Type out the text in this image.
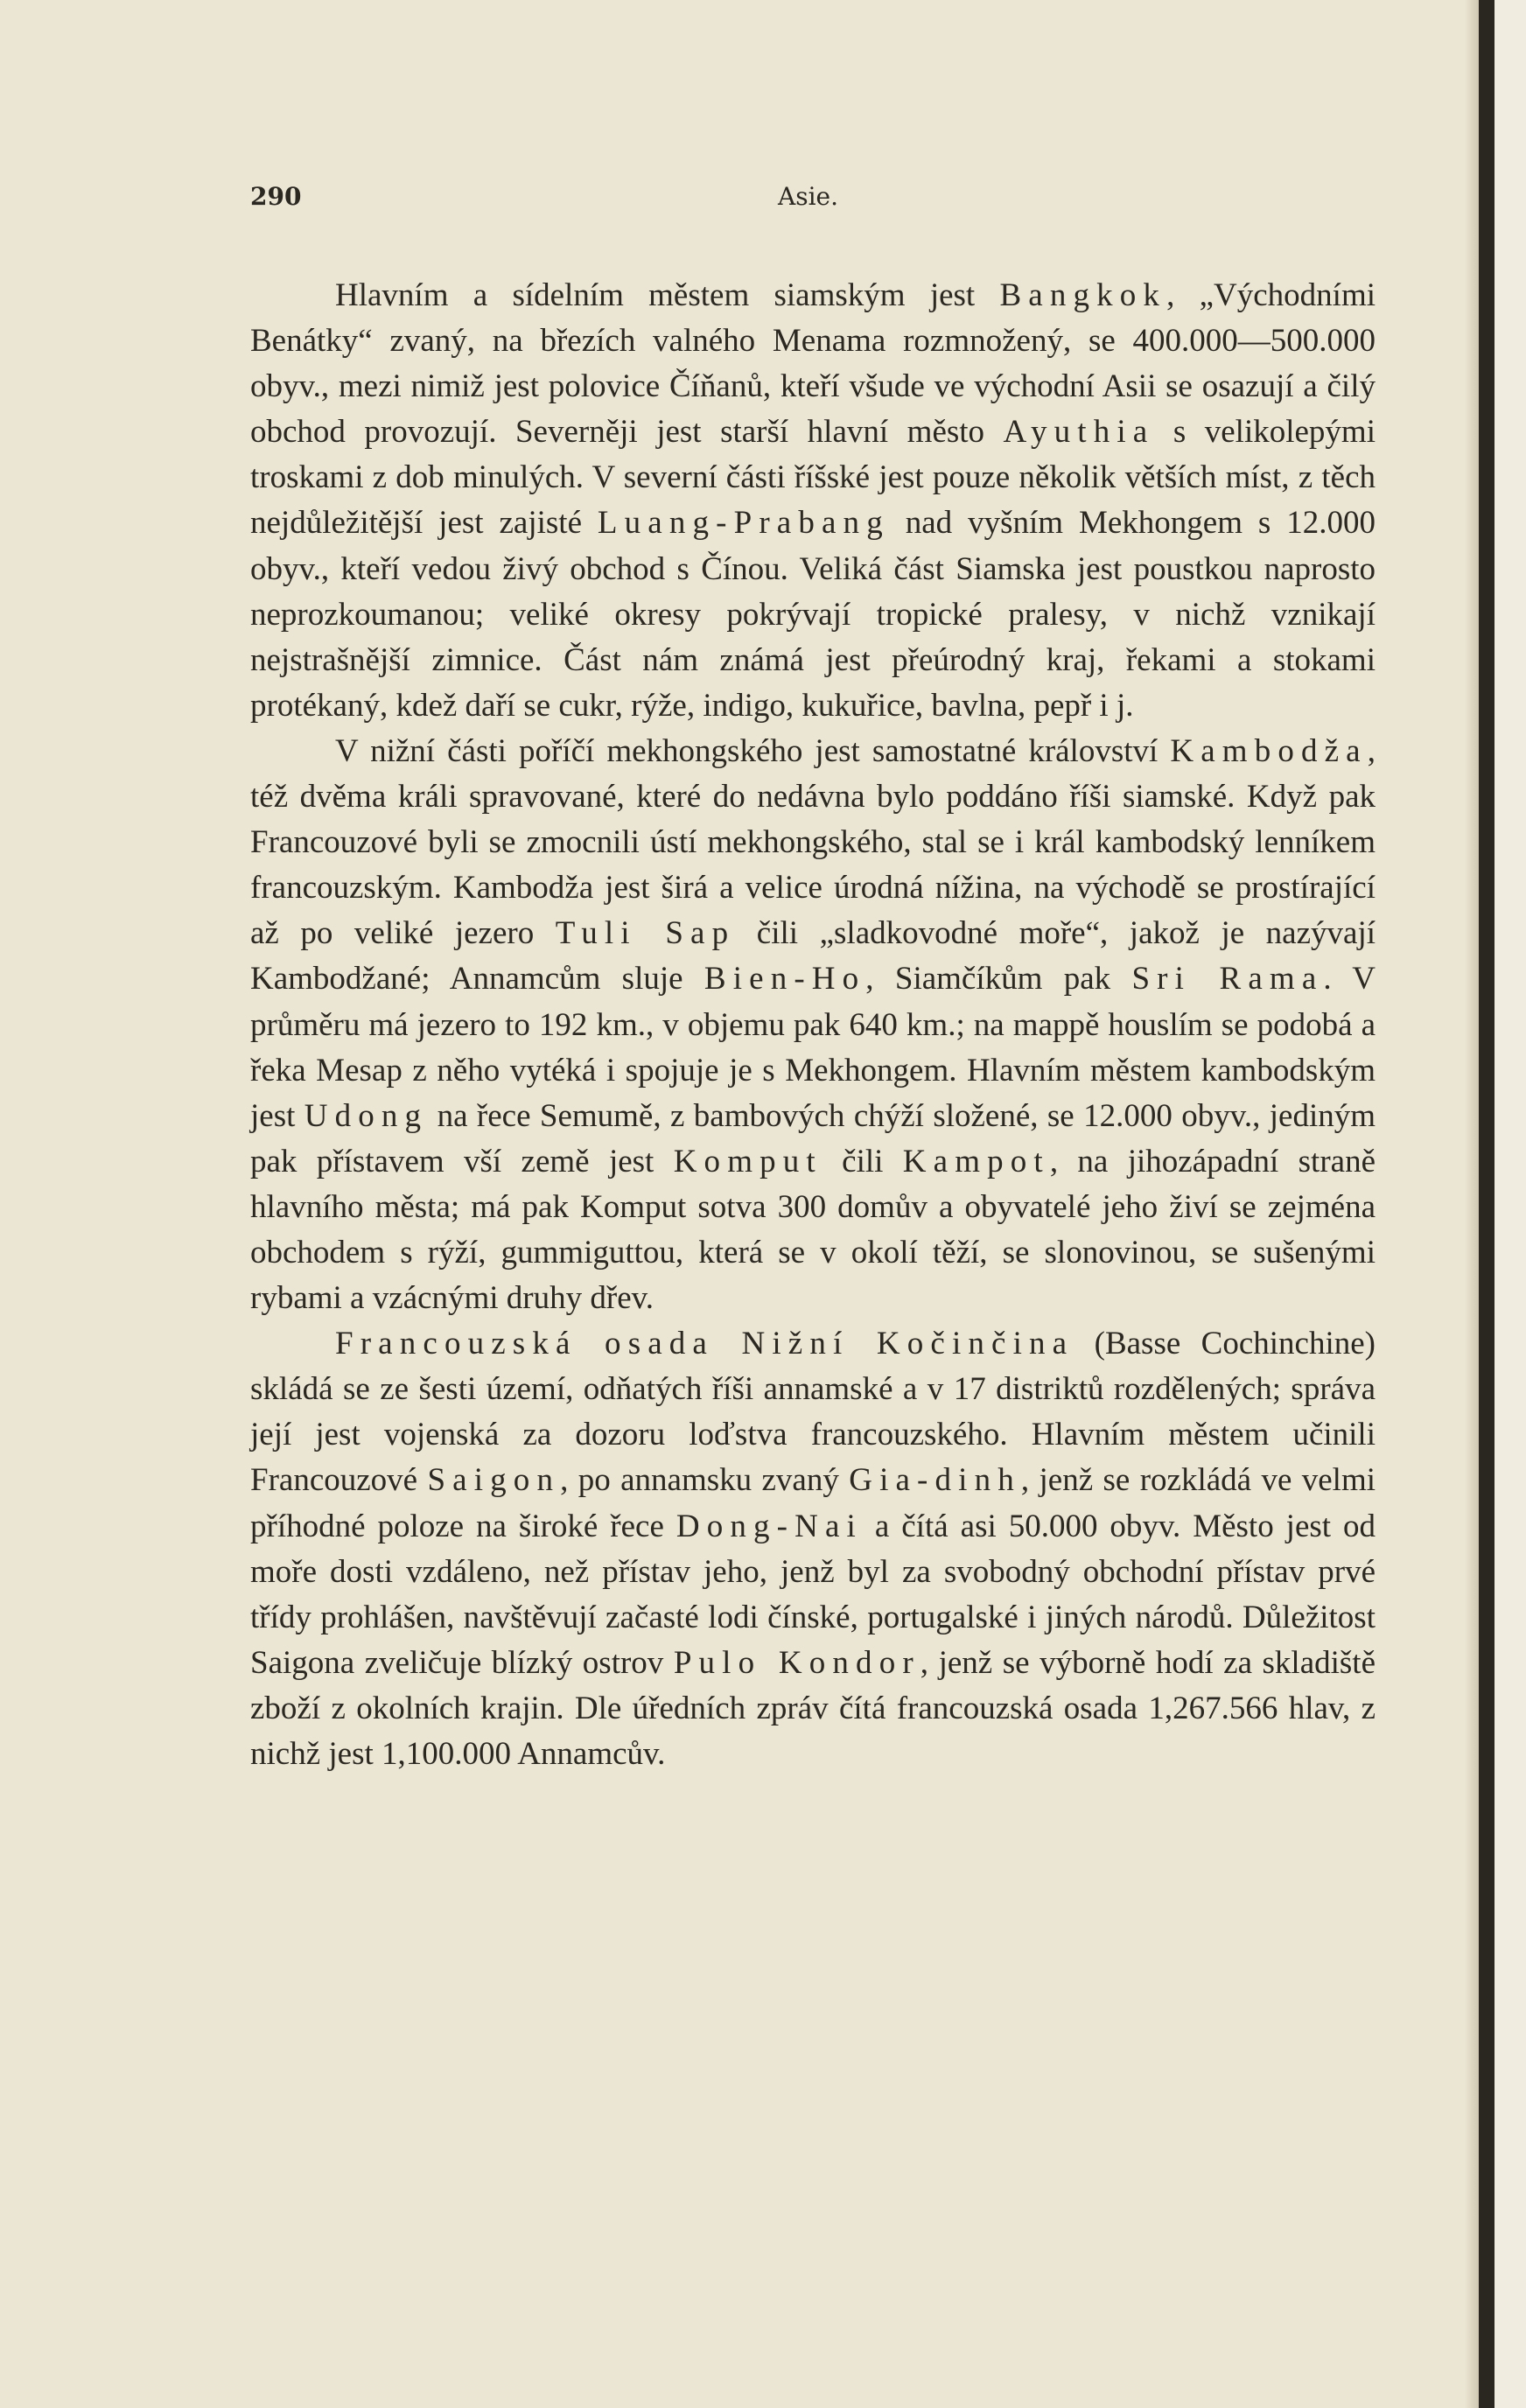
290	Asie.

Hlavním a sídelním městem siamským jest Bangkok, „Východními Benátky“ zvaný, na březích valného Menama rozmnožený, se 400.000—500.000 obyv., mezi nimiž jest polovice Číňanů, kteří všude ve východní Asii se osazují a čilý obchod provozují. Severněji jest starší hlavní město Ayuthia s velikolepými troskami z dob minulých. V severní části říšské jest pouze několik větších míst, z těch nejdůležitější jest zajisté Luang-Prabang nad vyšním Mekhongem s 12.000 obyv., kteří vedou živý obchod s Čínou. Veliká část Siamska jest poustkou naprosto neprozkoumanou; veliké okresy pokrývají tropické pralesy, v nichž vznikají nejstrašnější zimnice. Část nám známá jest přeúrodný kraj, řekami a stokami protékaný, kdež daří se cukr, rýže, indigo, kukuřice, bavlna, pepř i j.

V nižní části poříčí mekhongského jest samostatné království Kambodža, též dvěma králi spravované, které do nedávna bylo poddáno říši siamské. Když pak Francouzové byli se zmocnili ústí mekhongského, stal se i král kambodský lenníkem francouzským. Kambodža jest širá a velice úrodná nížina, na východě se prostírající až po veliké jezero Tuli Sap čili „sladkovodné moře“, jakož je nazývají Kambodžané; Annamcům sluje Bien-Ho, Siamčíkům pak Sri Rama. V průměru má jezero to 192 km., v objemu pak 640 km.; na mappě houslím se podobá a řeka Mesap z něho vytéká i spojuje je s Mekhongem. Hlavním městem kambodským jest Udong na řece Semumě, z bambových chýží složené, se 12.000 obyv., jediným pak přístavem vší země jest Komput čili Kampot, na jihozápadní straně hlavního města; má pak Komput sotva 300 domův a obyvatelé jeho živí se zejména obchodem s rýží, gummiguttou, která se v okolí těží, se slonovinou, se sušenými rybami a vzácnými druhy dřev.

Francouzská osada Nižní Kočinčina (Basse Cochinchine) skládá se ze šesti území, odňatých říši annamské a v 17 distriktů rozdělených; správa její jest vojenská za dozoru loďstva francouzského. Hlavním městem učinili Francouzové Saigon, po annamsku zvaný Gia-dinh, jenž se rozkládá ve velmi příhodné poloze na široké řece Dong-Nai a čítá asi 50.000 obyv. Město jest od moře dosti vzdáleno, než přístav jeho, jenž byl za svobodný obchodní přístav prvé třídy prohlášen, navštěvují začasté lodi čínské, portugalské i jiných národů. Důležitost Saigona zveličuje blízký ostrov Pulo Kondor, jenž se výborně hodí za skladiště zboží z okolních krajin. Dle úředních zpráv čítá francouzská osada 1,267.566 hlav, z nichž jest 1,100.000 Annamcův.
